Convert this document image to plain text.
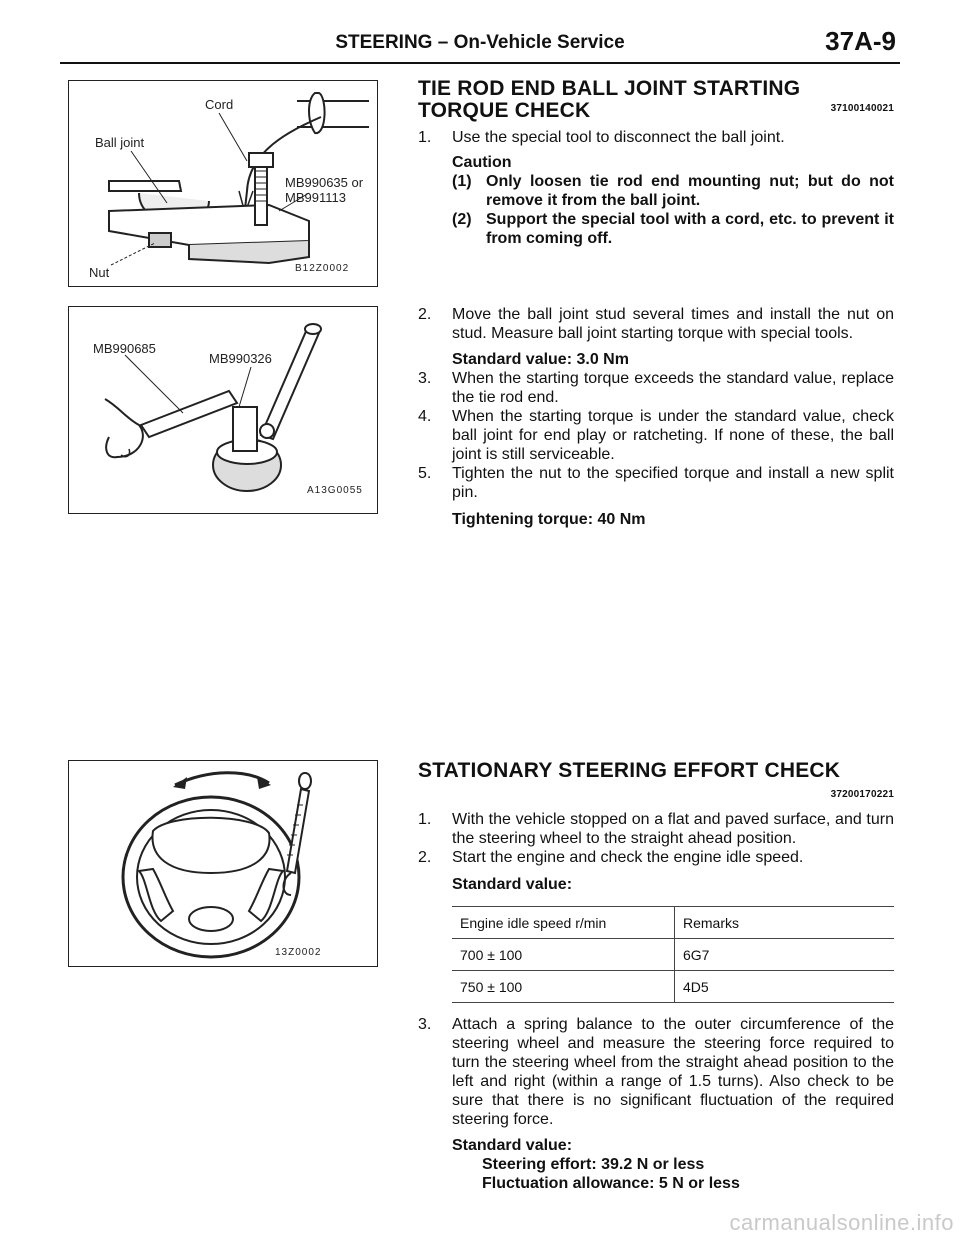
STEERING – On-Vehicle Service	37A-9
Cord
Ball joint
MB990635 or
MB991113
Nut	B12Z0002
MB990685
MB990326
A13G0055
13Z0002
TIE ROD END BALL JOINT STARTING
TORQUE CHECK	37100140021
1. Use the special tool to disconnect the ball joint.
Caution
(1) Only loosen tie rod end mounting nut; but do not remove it from the ball joint.
(2) Support the special tool with a cord, etc. to prevent it from coming off.
2. Move the ball joint stud several times and install the nut on stud. Measure ball joint starting torque with special tools.
Standard value: 3.0 Nm
3. When the starting torque exceeds the standard value, replace the tie rod end.
4. When the starting torque is under the standard value, check ball joint for end play or ratcheting. If none of these, the ball joint is still serviceable.
5. Tighten the nut to the specified torque and install a new split pin.
Tightening torque: 40 Nm
STATIONARY STEERING EFFORT CHECK
37200170221
1. With the vehicle stopped on a flat and paved surface, and turn the steering wheel to the straight ahead position.
2. Start the engine and check the engine idle speed.
Standard value:
Engine idle speed r/min	Remarks
700 ± 100	6G7
750 ± 100	4D5
3. Attach a spring balance to the outer circumference of the steering wheel and measure the steering force required to turn the steering wheel from the straight ahead position to the left and right (within a range of 1.5 turns). Also check to be sure that there is no significant fluctuation of the required steering force.
Standard value:
Steering effort: 39.2 N or less
Fluctuation allowance: 5 N or less
carmanualsonline.info
